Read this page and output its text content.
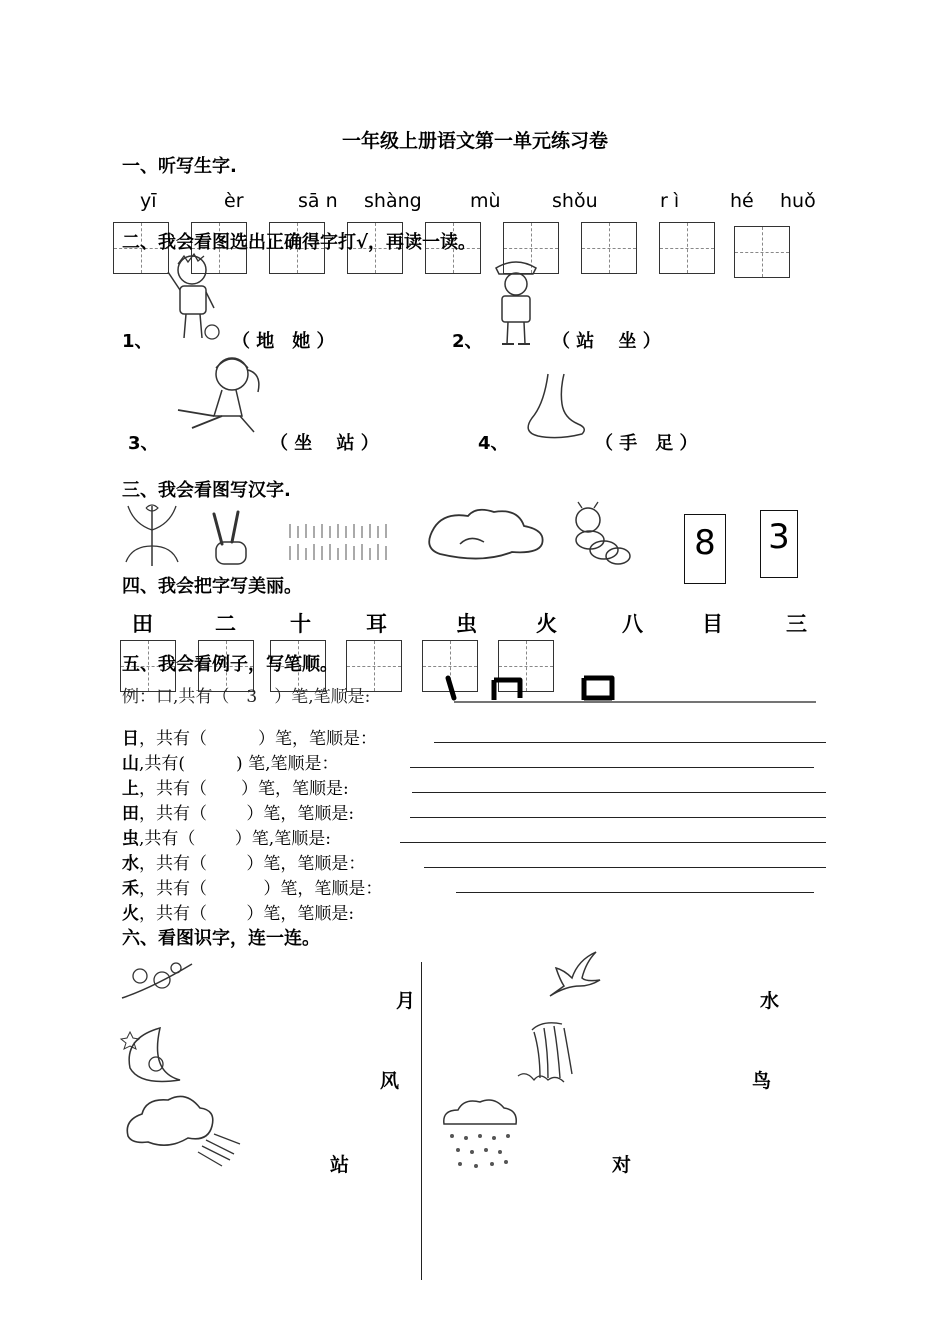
一年级上册语文第一单元练习卷
一、听写生字.
yī	èr	sā n shàng	mù	shǒu	r ì	hé huǒ
二、我会看图选出正确得字打√，再读一读。
1、	（ 地　她 ）	2、	（ 站　 坐 ）
3、	（ 坐　 站 ）	4、	（ 手　足 ）
三、我会看图写汉字.
8 3
四、我会把字写美丽。
田	二	十	耳	虫	火	八	目	三
五、我会看例子，写笔顺。
例：口,共有（　3　）笔,笔顺是:
日，共有（　　　）笔，笔顺是：
山,共有(　　　) 笔,笔顺是：
上，共有（　　）笔，笔顺是:
田，共有（　　 ）笔，笔顺是:
虫,共有（　　 ）笔,笔顺是:
水，共有（　　 ）笔，笔顺是：
禾，共有（　　　 ）笔，笔顺是：
火，共有（　　 ）笔，笔顺是:
六、看图识字，连一连。
月	水
风	鸟
站	对
